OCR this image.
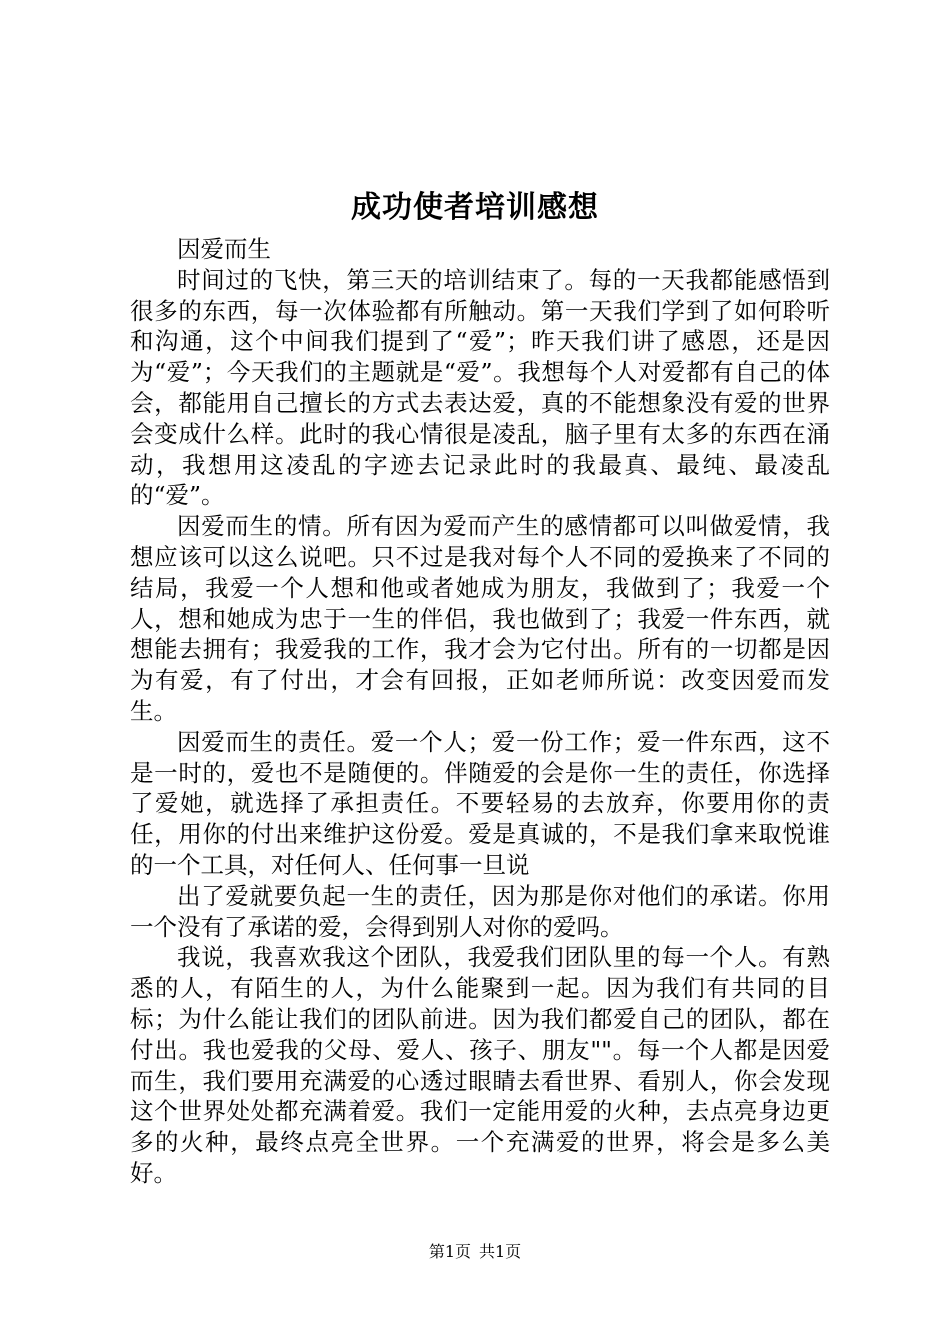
成功使者培训感想

因爱而生

时间过的飞快，第三天的培训结束了。每的一天我都能感悟到很多的东西，每一次体验都有所触动。第一天我们学到了如何聆听和沟通，这个中间我们提到了“爱”；昨天我们讲了感恩，还是因为“爱”；今天我们的主题就是“爱”。我想每个人对爱都有自己的体会，都能用自己擅长的方式去表达爱，真的不能想象没有爱的世界会变成什么样。此时的我心情很是凌乱，脑子里有太多的东西在涌动，我想用这凌乱的字迹去记录此时的我最真、最纯、最凌乱的“爱”。

因爱而生的情。所有因为爱而产生的感情都可以叫做爱情，我想应该可以这么说吧。只不过是我对每个人不同的爱换来了不同的结局，我爱一个人想和他或者她成为朋友，我做到了；我爱一个人，想和她成为忠于一生的伴侣，我也做到了；我爱一件东西，就想能去拥有；我爱我的工作，我才会为它付出。所有的一切都是因为有爱，有了付出，才会有回报，正如老师所说：改变因爱而发生。

因爱而生的责任。爱一个人；爱一份工作；爱一件东西，这不是一时的，爱也不是随便的。伴随爱的会是你一生的责任，你选择了爱她，就选择了承担责任。不要轻易的去放弃，你要用你的责任，用你的付出来维护这份爱。爱是真诚的，不是我们拿来取悦谁的一个工具，对任何人、任何事一旦说

出了爱就要负起一生的责任，因为那是你对他们的承诺。你用一个没有了承诺的爱，会得到别人对你的爱吗。

我说，我喜欢我这个团队，我爱我们团队里的每一个人。有熟悉的人，有陌生的人，为什么能聚到一起。因为我们有共同的目标；为什么能让我们的团队前进。因为我们都爱自己的团队，都在付出。我也爱我的父母、爱人、孩子、朋友""。每一个人都是因爱而生，我们要用充满爱的心透过眼睛去看世界、看别人，你会发现这个世界处处都充满着爱。我们一定能用爱的火种，去点亮身边更多的火种，最终点亮全世界。一个充满爱的世界，将会是多么美好。

第1页 共1页
